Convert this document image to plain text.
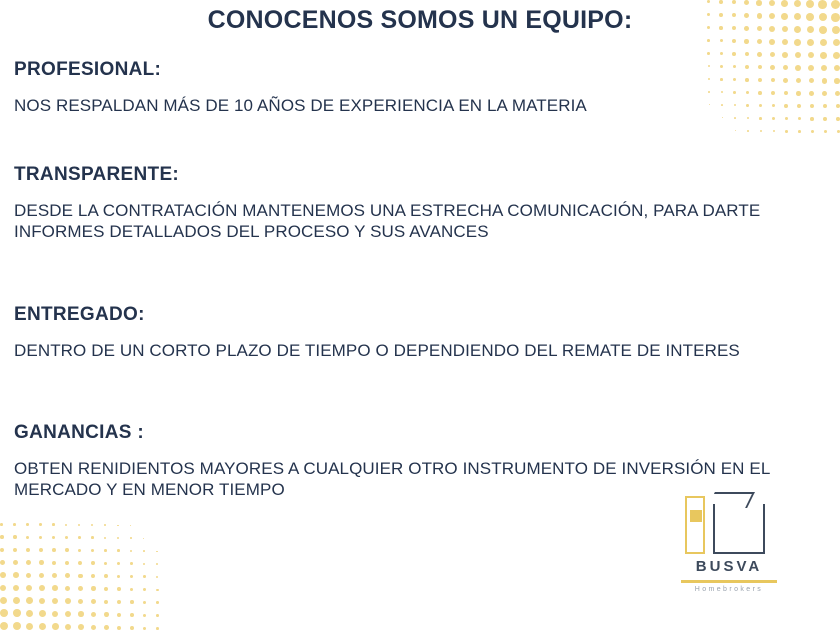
CONOCENOS SOMOS UN EQUIPO:
PROFESIONAL:
NOS RESPALDAN MÁS DE 10 AÑOS DE EXPERIENCIA EN LA MATERIA
TRANSPARENTE:
DESDE LA CONTRATACIÓN MANTENEMOS UNA ESTRECHA COMUNICACIÓN, PARA DARTE INFORMES DETALLADOS DEL PROCESO Y SUS AVANCES
ENTREGADO:
DENTRO DE UN CORTO PLAZO DE TIEMPO O DEPENDIENDO DEL REMATE DE INTERES
GANANCIAS :
OBTEN RENIDIENTOS MAYORES A CUALQUIER OTRO INSTRUMENTO DE INVERSIÓN EN EL MERCADO Y EN MENOR TIEMPO
BUSVA
Homebrokers
